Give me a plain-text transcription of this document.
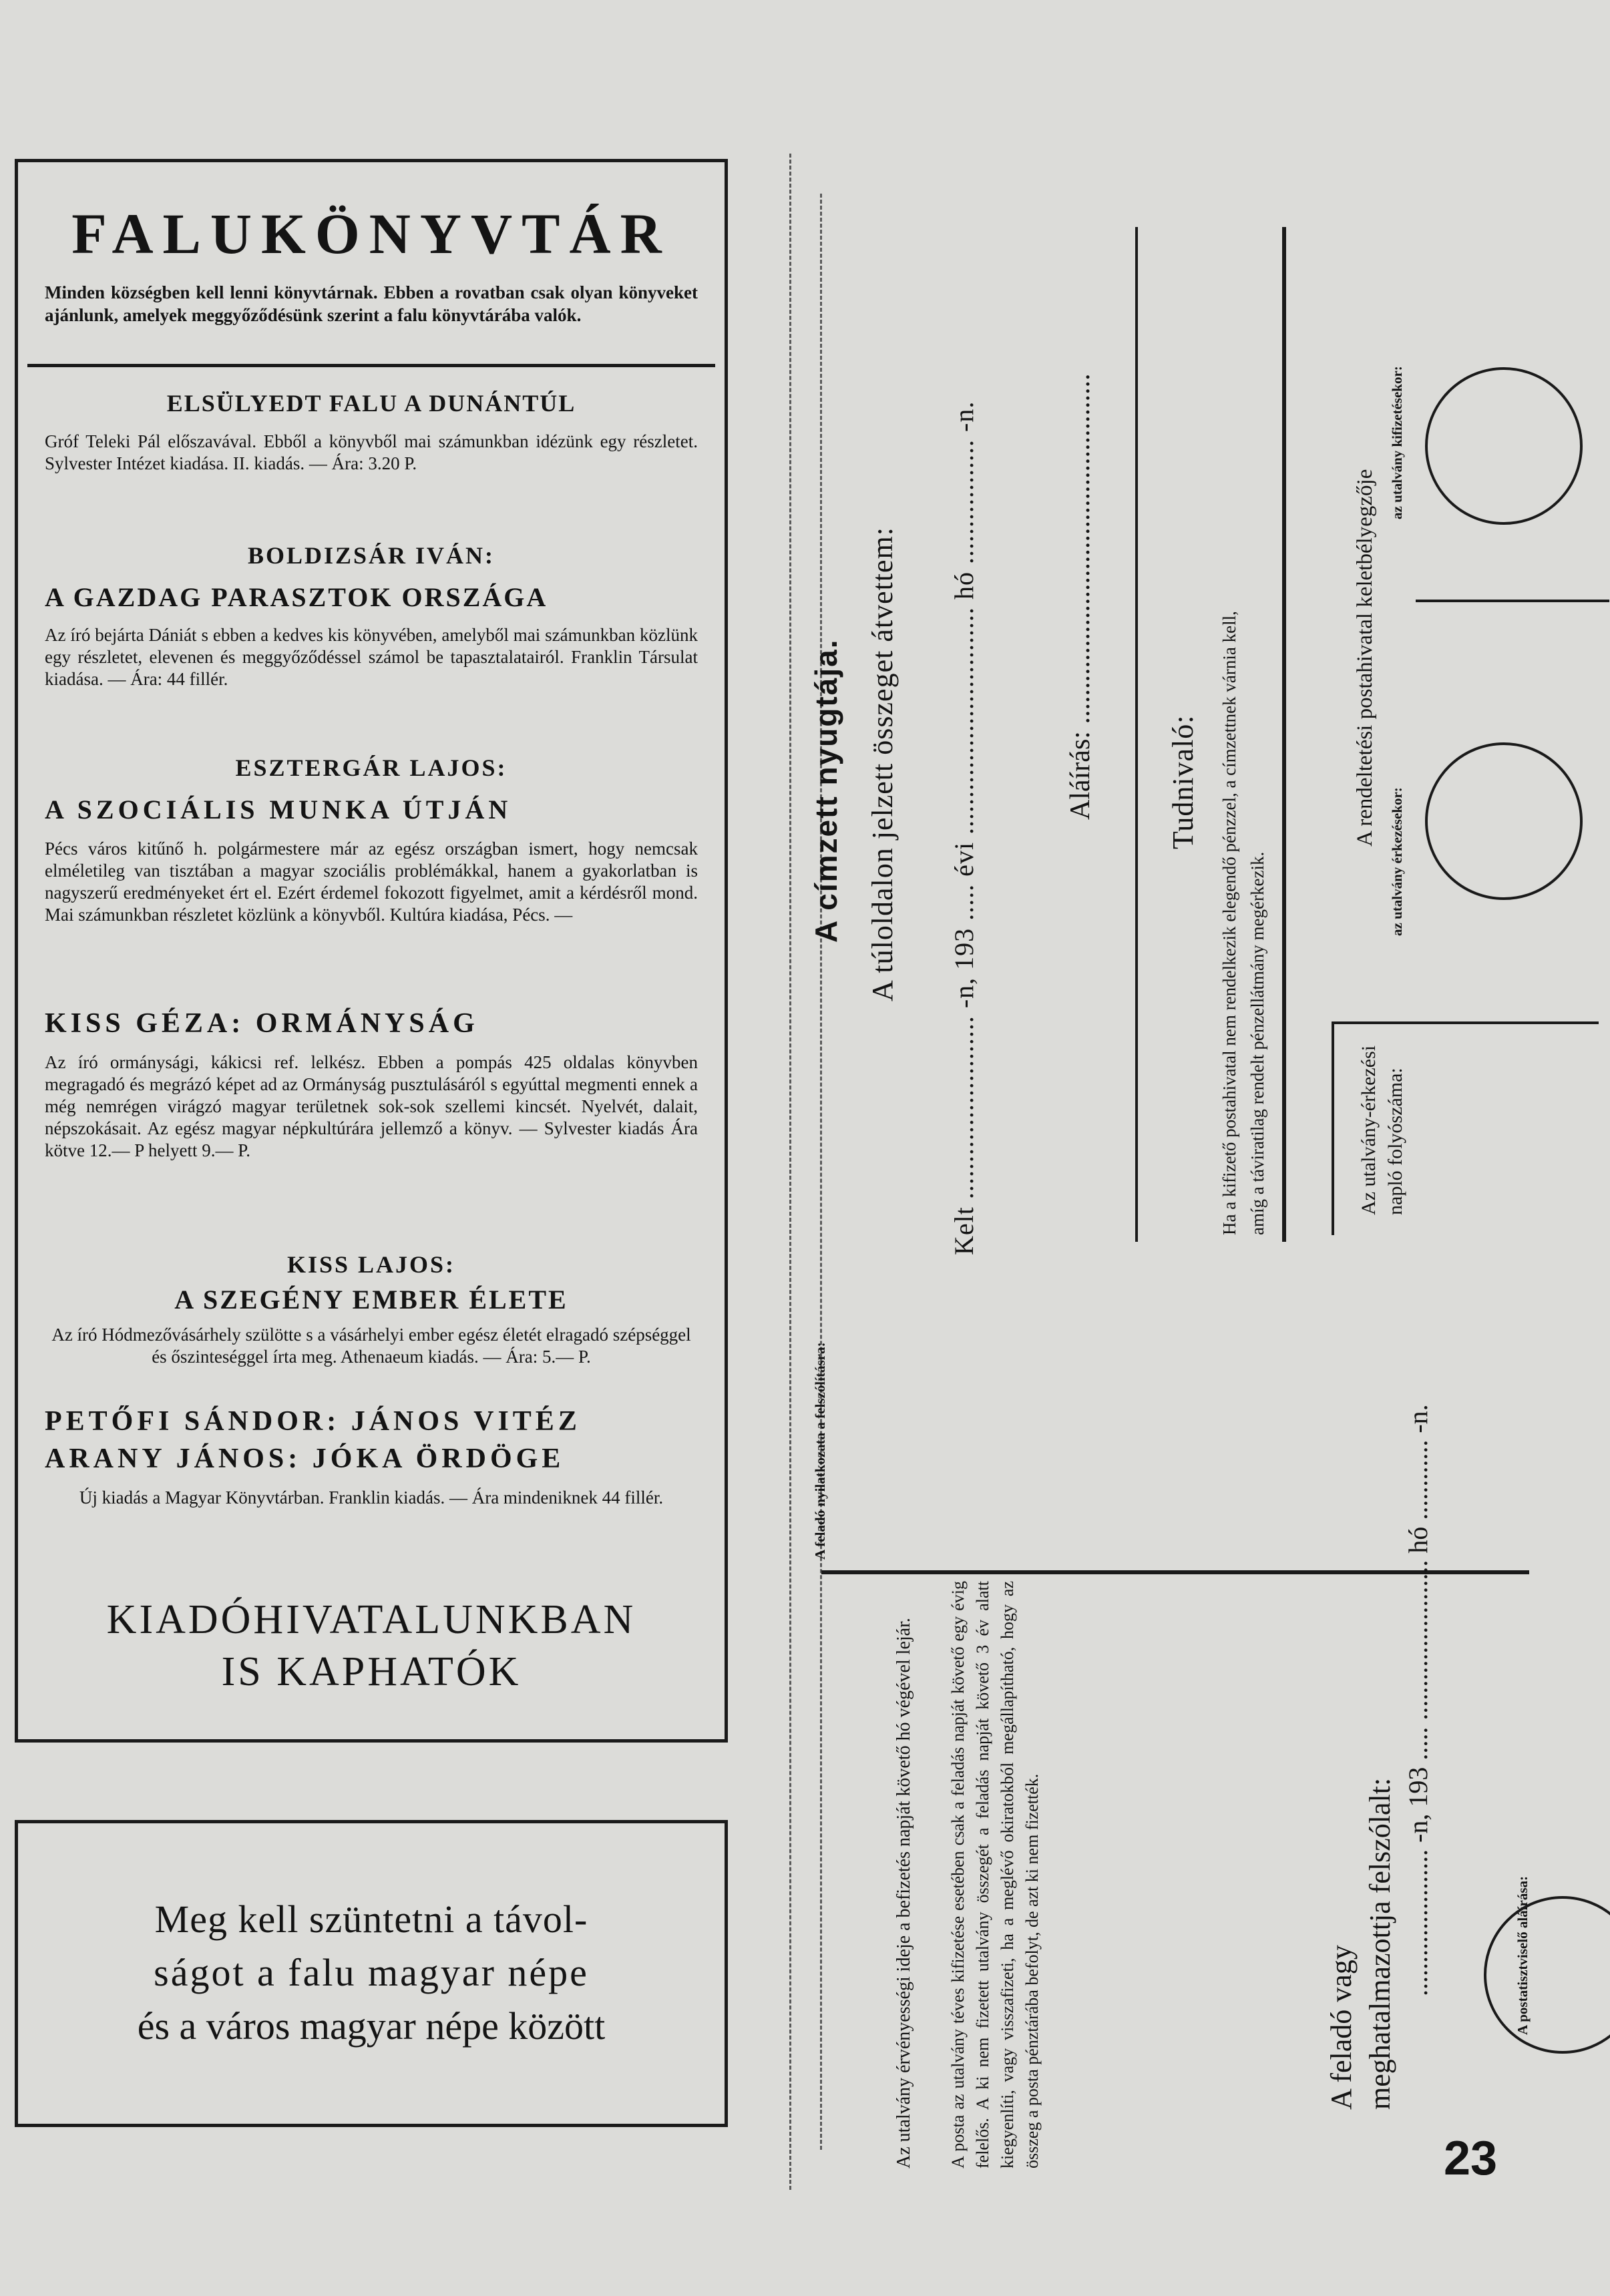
FALUKÖNYVTÁR
Minden községben kell lenni könyvtárnak. Ebben a rovatban csak olyan könyveket ajánlunk, amelyek meggyőződésünk szerint a falu könyvtárába valók.
ELSÜLYEDT FALU A DUNÁNTÚL
Gróf Teleki Pál előszavával. Ebből a könyvből mai számunkban idézünk egy részletet. Sylvester Intézet kiadása. II. kiadás. — Ára: 3.20 P.
BOLDIZSÁR IVÁN:
A GAZDAG PARASZTOK ORSZÁGA
Az író bejárta Dániát s ebben a kedves kis könyvében, amelyből mai számunkban közlünk egy részletet, elevenen és meggyőződéssel számol be tapasztalatairól. Franklin Társulat kiadása. — Ára: 44 fillér.
ESZTERGÁR LAJOS:
A SZOCIÁLIS MUNKA ÚTJÁN
Pécs város kitűnő h. polgármestere már az egész országban ismert, hogy nemcsak elméletileg van tisztában a magyar szociális problémákkal, hanem a gyakorlatban is nagyszerű eredményeket ért el. Ezért érdemel fokozott figyelmet, amit a kérdésről mond. Mai számunkban részletet közlünk a könyvből. Kultúra kiadása, Pécs. —
KISS GÉZA: ORMÁNYSÁG
Az író ormánysági, kákicsi ref. lelkész. Ebben a pompás 425 oldalas könyvben megragadó és megrázó képet ad az Ormányság pusztulásáról s egyúttal megmenti ennek a még nemrégen virágzó magyar területnek sok-sok szellemi kincsét. Nyelvét, dalait, népszokásait. Az egész magyar népkultúrára jellemző a könyv. — Sylvester kiadás Ára kötve 12.— P helyett 9.— P.
KISS LAJOS:
A SZEGÉNY EMBER ÉLETE
Az író Hódmezővásárhely szülötte s a vásárhelyi ember egész életét elragadó szépséggel és őszinteséggel írta meg. Athenaeum kiadás. — Ára: 5.— P.
PETŐFI SÁNDOR: JÁNOS VITÉZ
ARANY JÁNOS: JÓKA ÖRDÖGE
Új kiadás a Magyar Könyvtárban. Franklin kiadás. — Ára mindeniknek 44 fillér.
KIADÓHIVATALUNKBAN
IS KAPHATÓK
Meg kell szüntetni a távol-
ságot a falu magyar népe
és a város magyar népe között
A címzett nyugtája. A túloldalon jelzett összeget átvettem: Kelt ......................... -n, 193 ..... évi ............................... hó ................. -n.	Aláírás: .................................................. Tudnivaló: Ha a kifizető postahivatal nem rendelkezik elegendő pénzzel, a címzettnek várnia kell, amíg a táviratilag rendelt pénzellátmány megérkezik.
A rendeltetési postahivatal keletbélyegzője
az utalvány érkezésekor:
az utalvány kifizetésekor:
Az utalvány-érkezési napló folyószáma:
A feladó nyilatkozata a felszólításra:
Az utalvány érvényességi ideje a befizetés napját követő hó végével lejár. A posta az utalvány téves kifizetése esetében csak a feladás napját követő egy évig felelős. A ki nem fizetett utalvány összegét a feladás napját követő 3 év alatt kiegyenlíti, vagy visszafizeti, ha a meglévő okiratokból megállapítható, hogy az összeg a posta pénztárába befolyt, de azt ki nem fizették.	A feladó vagy meghatalmazottja felszólalt: ...................... -n, 193 ..... ........................ hó ............ -n.	A postatisztviselő aláírása:
23
